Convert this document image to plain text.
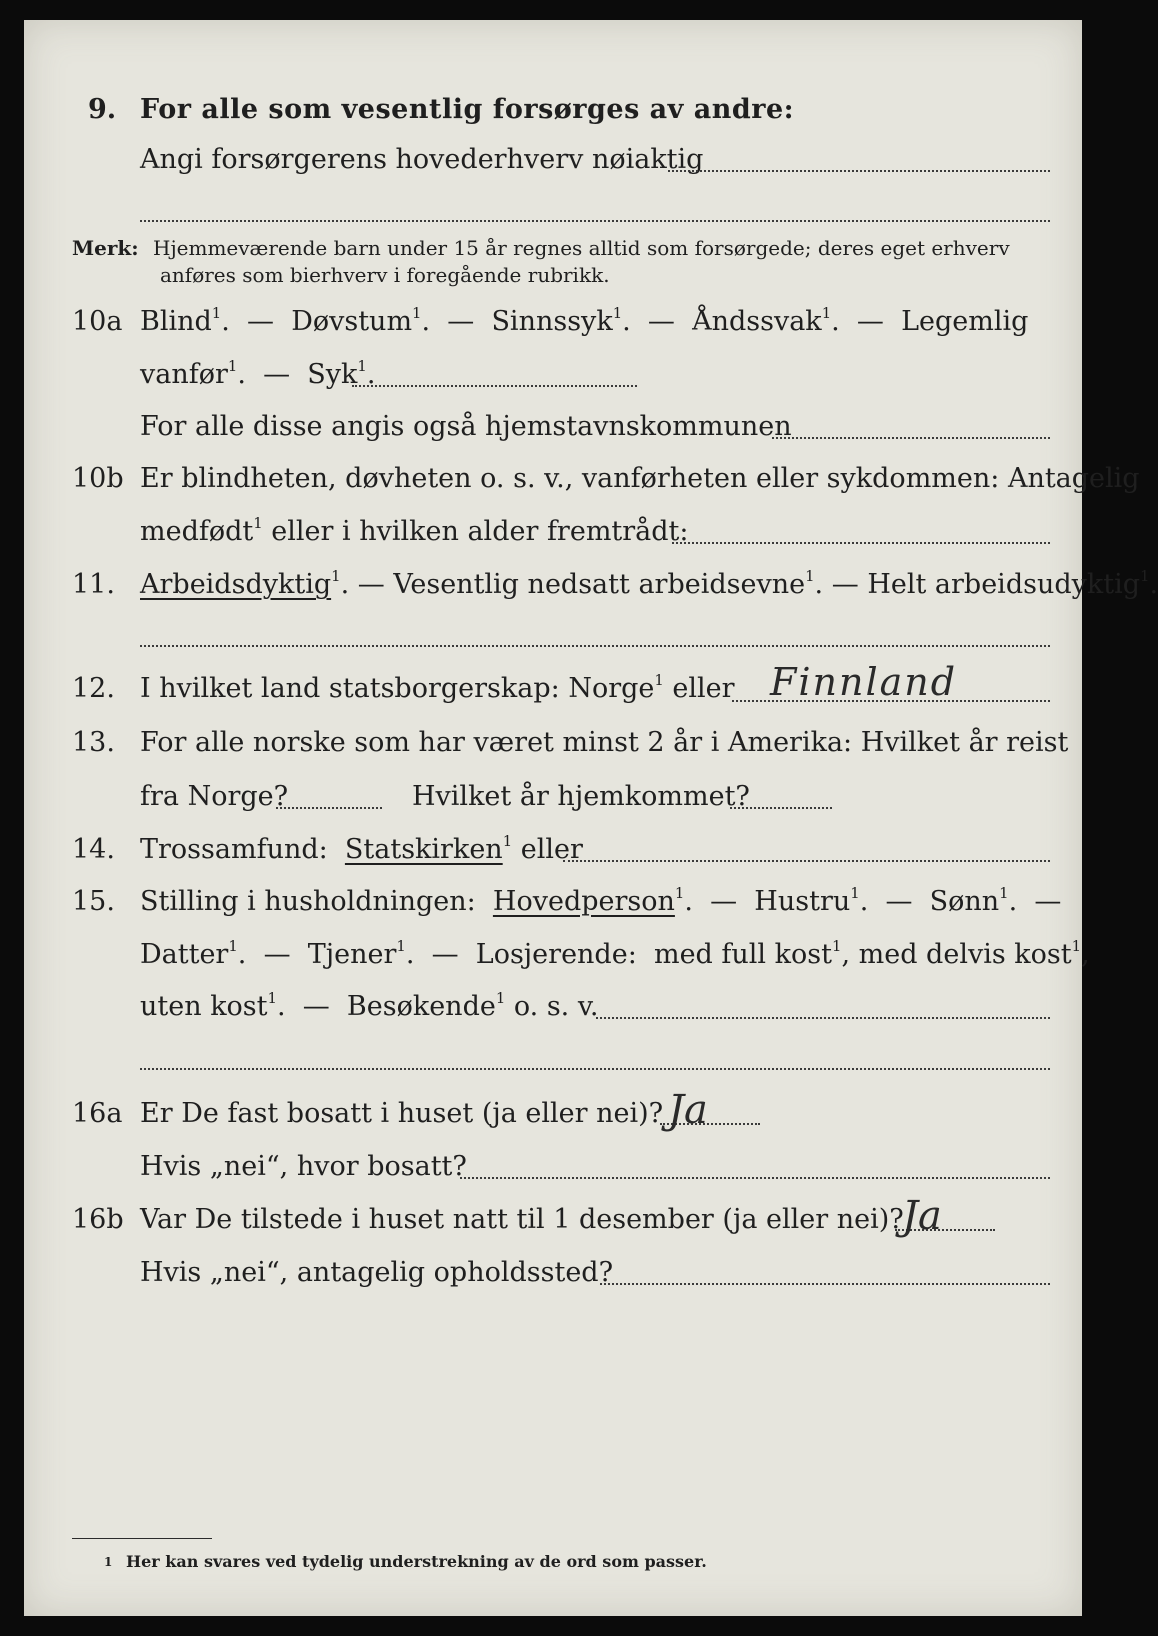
9. For alle som vesentlig forsørges av andre:
Angi forsørgerens hovederhverv nøiaktig
Merk: Hjemmeværende barn under 15 år regnes alltid som forsørgede; deres eget erhverv
anføres som bierhverv i foregående rubrikk.
10a Blind$^1$. — Døvstum$^1$. — Sinnssyk$^1$. — Åndssvak$^1$. — Legemlig
vanfør$^1$. — Syk$^1$.
For alle disse angis også hjemstavnskommunen
10b Er blindheten, døvheten o. s. v., vanførheten eller sykdommen: Antagelig
medfødt$^1$ eller i hvilken alder fremtrådt:
11. Arbeidsdyktig$^1$. — Vesentlig nedsatt arbeidsevne$^1$. — Helt arbeidsudyktig$^1$.
12. I hvilket land statsborgerskap: Norge$^1$ eller Finnland
13. For alle norske som har været minst 2 år i Amerika: Hvilket år reist
fra Norge?	Hvilket år hjemkommet?
14. Trossamfund: Statskirken$^1$ eller
15. Stilling i husholdningen: Hovedperson$^1$. — Hustru$^1$. — Sønn$^1$. —
Datter$^1$. — Tjener$^1$. — Losjerende: med full kost$^1$, med delvis kost$^1$,
uten kost$^1$. — Besøkende$^1$ o. s. v.
16a Er De fast bosatt i huset (ja eller nei)? Ja
Hvis „nei“, hvor bosatt?
16b Var De tilstede i huset natt til 1 desember (ja eller nei)?
Ja
Hvis „nei“, antagelig opholdssted?
1 Her kan svares ved tydelig understrekning av de ord som passer.
